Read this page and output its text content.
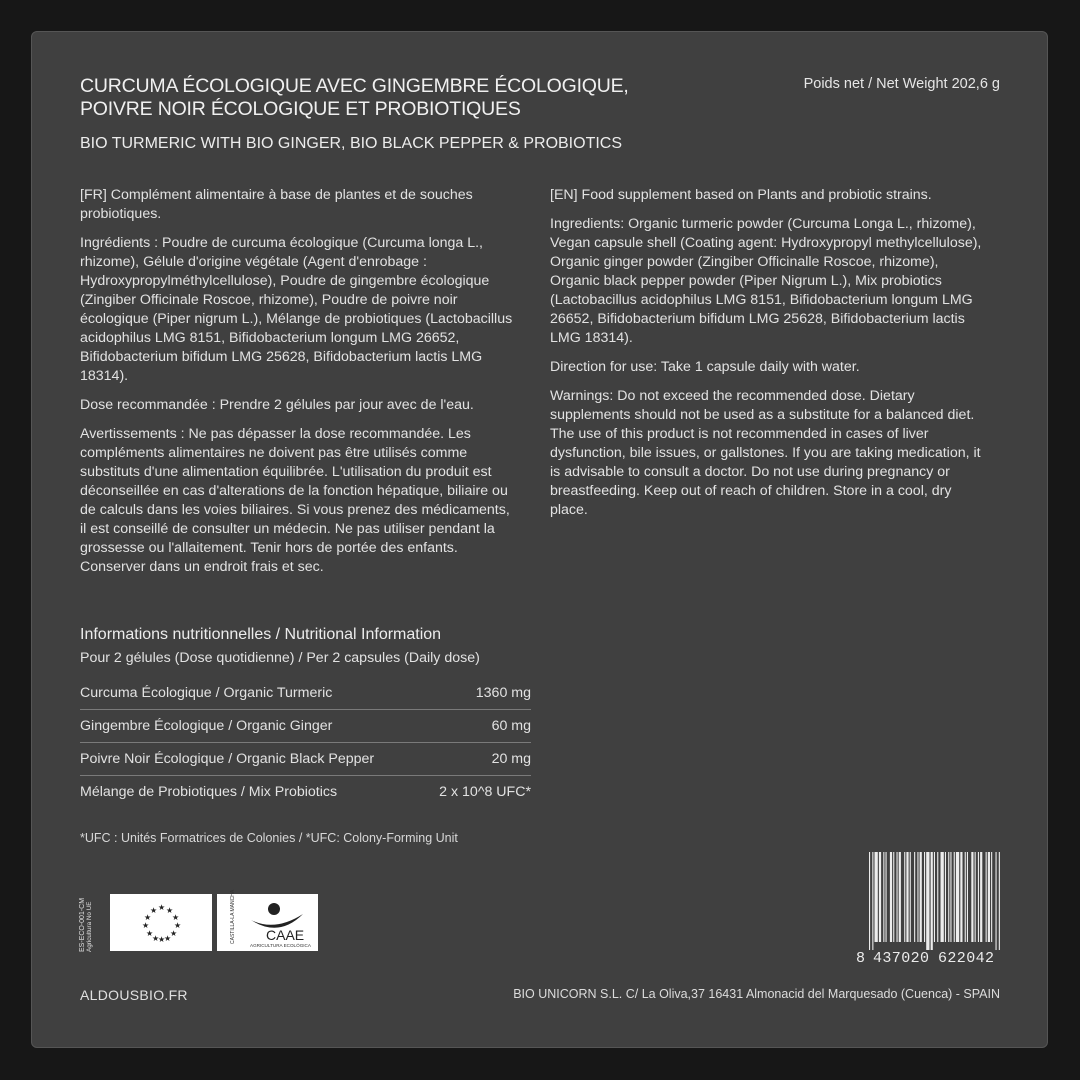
CURCUMA ÉCOLOGIQUE AVEC GINGEMBRE ÉCOLOGIQUE,
POIVRE NOIR ÉCOLOGIQUE ET PROBIOTIQUES
BIO TURMERIC WITH BIO GINGER, BIO BLACK PEPPER & PROBIOTICS
Poids net / Net Weight 202,6 g

[FR] Complément alimentaire à base de plantes et de souches probiotiques.

Ingrédients : Poudre de curcuma écologique (Curcuma longa L., rhizome), Gélule d'origine végétale (Agent d'enrobage : Hydroxypropylméthylcellulose), Poudre de gingembre écologique (Zingiber Officinale Roscoe, rhizome), Poudre de poivre noir écologique (Piper nigrum L.), Mélange de probiotiques (Lactobacillus acidophilus LMG 8151, Bifidobacterium longum LMG 26652, Bifidobacterium bifidum LMG 25628, Bifidobacterium lactis LMG 18314).

Dose recommandée : Prendre 2 gélules par jour avec de l'eau.

Avertissements : Ne pas dépasser la dose recommandée. Les compléments alimentaires ne doivent pas être utilisés comme substituts d'une alimentation équilibrée. L'utilisation du produit est déconseillée en cas d'alterations de la fonction hépatique, biliaire ou de calculs dans les voies biliaires. Si vous prenez des médicaments, il est conseillé de consulter un médecin. Ne pas utiliser pendant la grossesse ou l'allaitement. Tenir hors de portée des enfants. Conserver dans un endroit frais et sec.

[EN] Food supplement based on Plants and probiotic strains.

Ingredients: Organic turmeric powder (Curcuma Longa L., rhizome), Vegan capsule shell (Coating agent: Hydroxypropyl methylcellulose), Organic ginger powder (Zingiber Officinalle Roscoe, rhizome), Organic black pepper powder (Piper Nigrum L.), Mix probiotics (Lactobacillus acidophilus LMG 8151, Bifidobacterium longum LMG 26652, Bifidobacterium bifidum LMG 25628, Bifidobacterium lactis LMG 18314).

Direction for use: Take 1 capsule daily with water.

Warnings: Do not exceed the recommended dose. Dietary supplements should not be used as a substitute for a balanced diet. The use of this product is not recommended in cases of liver dysfunction, bile issues, or gallstones. If you are taking medication, it is advisable to consult a doctor. Do not use during pregnancy or breastfeeding. Keep out of reach of children. Store in a cool, dry place.

Informations nutritionnelles / Nutritional Information
Pour 2 gélules (Dose quotidienne) / Per 2 capsules (Daily dose)
Curcuma Écologique / Organic Turmeric	1360 mg
Gingembre Écologique / Organic Ginger	60 mg
Poivre Noir Écologique / Organic Black Pepper	20 mg
Mélange de Probiotiques / Mix Probiotics	2 x 10^8 UFC*
*UFC : Unités Formatrices de Colonies / *UFC: Colony-Forming Unit
ES-ECO-001-CM Agricultura No UE	★ ★ ★
★	★
★	★
★ ★
★
★
★	CASTILLA-LA MANCHA CAAE
AGRICULTURA ECOLÓGICA
8 437020 622042
ALDOUSBIO.FR	BIO UNICORN S.L. C/ La Oliva,37 16431 Almonacid del Marquesado (Cuenca) - SPAIN
